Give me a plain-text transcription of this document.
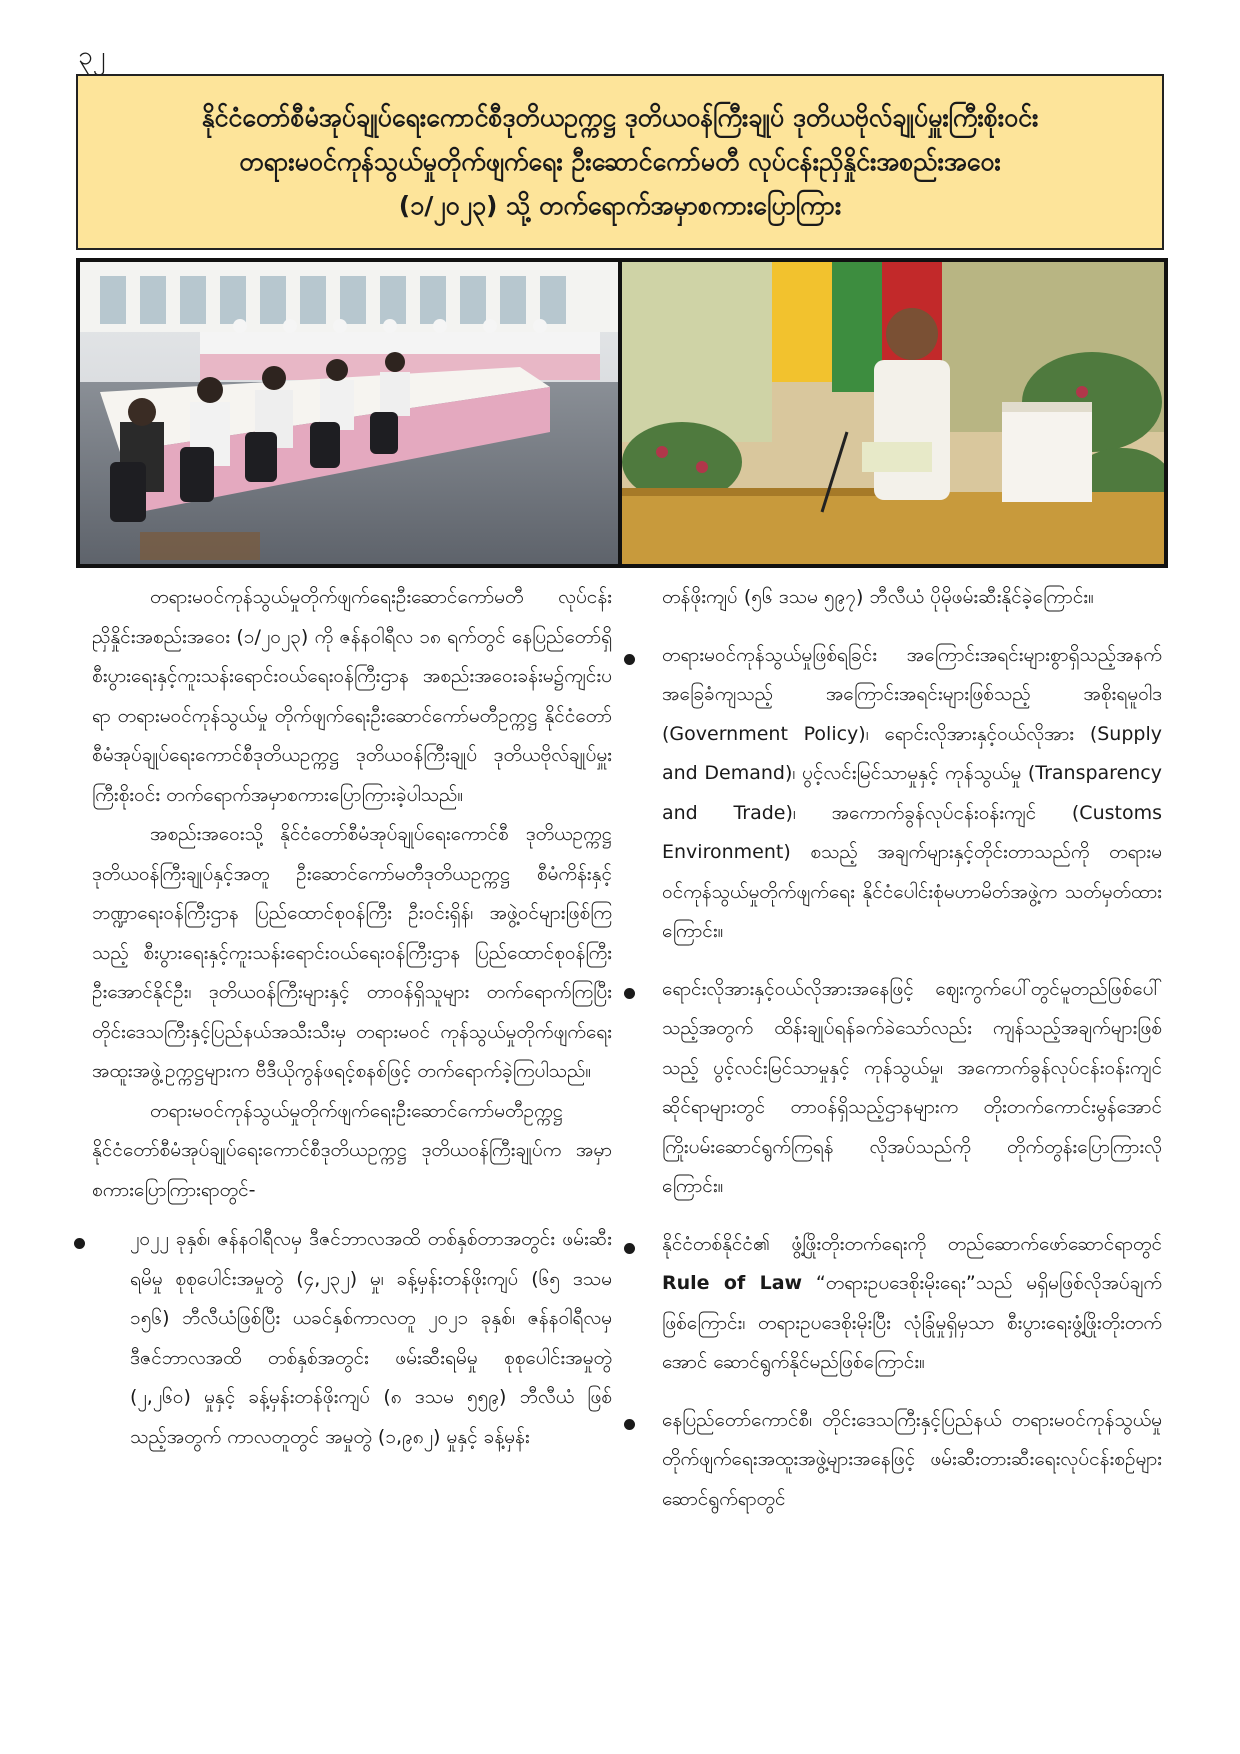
၃၂
နိုင်ငံတော်စီမံအုပ်ချုပ်ရေးကောင်စီဒုတိယဥက္ကဋ္ဌ ဒုတိယဝန်ကြီးချုပ် ဒုတိယဗိုလ်ချုပ်မှူးကြီးစိုးဝင်း
တရားမဝင်ကုန်သွယ်မှုတိုက်ဖျက်ရေး ဦးဆောင်ကော်မတီ လုပ်ငန်းညှိနှိုင်းအစည်းအဝေး
(၁/၂၀၂၃) သို့ တက်ရောက်အမှာစကားပြောကြား

တရားမဝင်ကုန်သွယ်မှုတိုက်ဖျက်ရေးဦးဆောင်ကော်မတီ လုပ်ငန်းညှိနှိုင်းအစည်းအဝေး (၁/၂၀၂၃) ကို ဇန်နဝါရီလ ၁၈ ရက်တွင် နေပြည်တော်ရှိ စီးပွားရေးနှင့်ကူးသန်းရောင်းဝယ်ရေးဝန်ကြီးဌာန အစည်းအဝေးခန်းမ၌ကျင်းပရာ တရားမဝင်ကုန်သွယ်မှု တိုက်ဖျက်ရေးဦးဆောင်ကော်မတီဥက္ကဋ္ဌ နိုင်ငံတော်စီမံအုပ်ချုပ်ရေးကောင်စီဒုတိယဥက္ကဋ္ဌ ဒုတိယဝန်ကြီးချုပ် ဒုတိယဗိုလ်ချုပ်မှူးကြီးစိုးဝင်း တက်ရောက်အမှာစကားပြောကြားခဲ့ပါသည်။

အစည်းအဝေးသို့ နိုင်ငံတော်စီမံအုပ်ချုပ်ရေးကောင်စီ ဒုတိယဥက္ကဋ္ဌ ဒုတိယဝန်ကြီးချုပ်နှင့်အတူ ဦးဆောင်ကော်မတီဒုတိယဥက္ကဋ္ဌ စီမံကိန်းနှင့်ဘဏ္ဍာရေးဝန်ကြီးဌာန ပြည်ထောင်စုဝန်ကြီး ဦးဝင်းရှိန်၊ အဖွဲ့ဝင်များဖြစ်ကြသည့် စီးပွားရေးနှင့်ကူးသန်းရောင်းဝယ်ရေးဝန်ကြီးဌာန ပြည်ထောင်စုဝန်ကြီး ဦးအောင်နိုင်ဦး၊ ဒုတိယဝန်ကြီးများနှင့် တာဝန်ရှိသူများ တက်ရောက်ကြပြီး တိုင်းဒေသကြီးနှင့်ပြည်နယ်အသီးသီးမှ တရားမဝင် ကုန်သွယ်မှုတိုက်ဖျက်ရေးအထူးအဖွဲ့ဥက္ကဋ္ဌများက ဗီဒီယိုကွန်ဖရင့်စနစ်ဖြင့် တက်ရောက်ခဲ့ကြပါသည်။

တရားမဝင်ကုန်သွယ်မှုတိုက်ဖျက်ရေးဦးဆောင်ကော်မတီဥက္ကဋ္ဌ နိုင်ငံတော်စီမံအုပ်ချုပ်ရေးကောင်စီဒုတိယဥက္ကဋ္ဌ ဒုတိယဝန်ကြီးချုပ်က အမှာစကားပြောကြားရာတွင်-

၂၀၂၂ ခုနှစ်၊ ဇန်နဝါရီလမှ ဒီဇင်ဘာလအထိ တစ်နှစ်တာအတွင်း ဖမ်းဆီးရမိမှု စုစုပေါင်းအမှုတွဲ (၄,၂၃၂) မှု၊ ခန့်မှန်းတန်ဖိုးကျပ် (၆၅ ဒသမ ၁၅၆) ဘီလီယံဖြစ်ပြီး ယခင်နှစ်ကာလတူ ၂၀၂၁ ခုနှစ်၊ ဇန်နဝါရီလမှ ဒီဇင်ဘာလအထိ တစ်နှစ်အတွင်း ဖမ်းဆီးရမိမှု စုစုပေါင်းအမှုတွဲ (၂,၂၆၀) မှုနှင့် ခန့်မှန်းတန်ဖိုးကျပ် (၈ ဒသမ ၅၅၉) ဘီလီယံ ဖြစ်သည့်အတွက် ကာလတူတွင် အမှုတွဲ (၁,၉၈၂) မှုနှင့် ခန့်မှန်း

တန်ဖိုးကျပ် (၅၆ ဒသမ ၅၉၇) ဘီလီယံ ပိုမိုဖမ်းဆီးနိုင်ခဲ့ကြောင်း။

တရားမဝင်ကုန်သွယ်မှုဖြစ်ရခြင်း အကြောင်းအရင်းများစွာရှိသည့်အနက် အခြေခံကျသည့် အကြောင်းအရင်းများဖြစ်သည့် အစိုးရမူဝါဒ (Government Policy)၊ ရောင်းလိုအားနှင့်ဝယ်လိုအား (Supply and Demand)၊ ပွင့်လင်းမြင်သာမှုနှင့် ကုန်သွယ်မှု (Transparency and Trade)၊ အကောက်ခွန်လုပ်ငန်းဝန်းကျင် (Customs Environment) စသည့် အချက်များနှင့်တိုင်းတာသည်ကို တရားမဝင်ကုန်သွယ်မှုတိုက်ဖျက်ရေး နိုင်ငံပေါင်းစုံမဟာမိတ်အဖွဲ့က သတ်မှတ်ထားကြောင်း။
ရောင်းလိုအားနှင့်ဝယ်လိုအားအနေဖြင့် ဈေးကွက်ပေါ်တွင်မူတည်ဖြစ်ပေါ်သည့်အတွက် ထိန်းချုပ်ရန်ခက်ခဲသော်လည်း ကျန်သည့်အချက်များဖြစ်သည့် ပွင့်လင်းမြင်သာမှုနှင့် ကုန်သွယ်မှု၊ အကောက်ခွန်လုပ်ငန်းဝန်းကျင်ဆိုင်ရာများတွင် တာဝန်ရှိသည့်ဌာနများက တိုးတက်ကောင်းမွန်အောင် ကြိုးပမ်းဆောင်ရွက်ကြရန် လိုအပ်သည်ကို တိုက်တွန်းပြောကြားလိုကြောင်း။
နိုင်ငံတစ်နိုင်ငံ၏ ဖွံ့ဖြိုးတိုးတက်ရေးကို တည်ဆောက်ဖော်ဆောင်ရာတွင် Rule of Law “တရားဥပဒေစိုးမိုးရေး”သည် မရှိမဖြစ်လိုအပ်ချက်ဖြစ်ကြောင်း၊ တရားဥပဒေစိုးမိုးပြီး လုံခြုံမှုရှိမှသာ စီးပွားရေးဖွံ့ဖြိုးတိုးတက်အောင် ဆောင်ရွက်နိုင်မည်ဖြစ်ကြောင်း။
နေပြည်တော်ကောင်စီ၊ တိုင်းဒေသကြီးနှင့်ပြည်နယ် တရားမဝင်ကုန်သွယ်မှု တိုက်ဖျက်ရေးအထူးအဖွဲ့များအနေဖြင့် ဖမ်းဆီးတားဆီးရေးလုပ်ငန်းစဉ်များ ဆောင်ရွက်ရာတွင်
